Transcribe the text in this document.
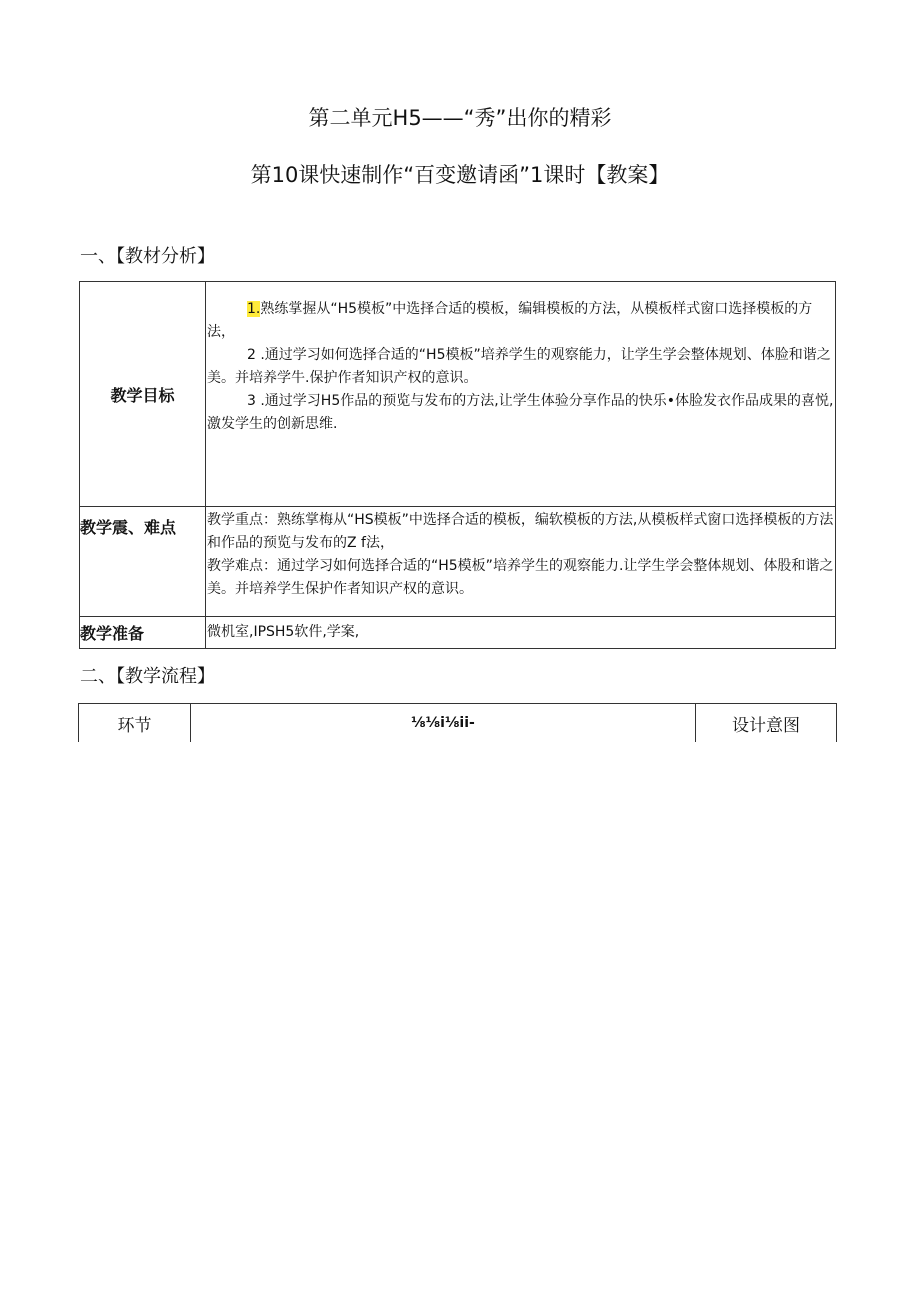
第二单元H5——“秀”出你的精彩
第10课快速制作“百变邀请函”1课时【教案】
一、【教材分析】
教学目标	1.熟练掌握从“H5模板”中选择合适的模板，编辑模板的方法，从模板样式窗口选择模板的方法，

2 .通过学习如何选择合适的“H5模板”培养学生的观察能力，让学生学会整体规划、体脸和谐之美。并培养学牛.保护作者知识产权的意识。

3 .通过学习H5作品的预览与发布的方法,让学生体验分享作品的快乐•体脸发衣作品成果的喜悦,激发学生的创新思维.

教学震、难点	教学重点：熟练掌梅从“HS模板”中选择合适的模板，编软模板的方法,从模板样式窗口选择模板的方法和作品的预览与发布的Z f法，

教学难点：通过学习如何选择合适的“H5模板”培养学生的观察能力.让学生学会整体规划、体股和谐之美。并培养学生保护作者知识产权的意识。

教学准备	微机室,IPSH5软件,学案,

二、【教学流程】
环节	⅛⅛i⅛ii-	设计意图
